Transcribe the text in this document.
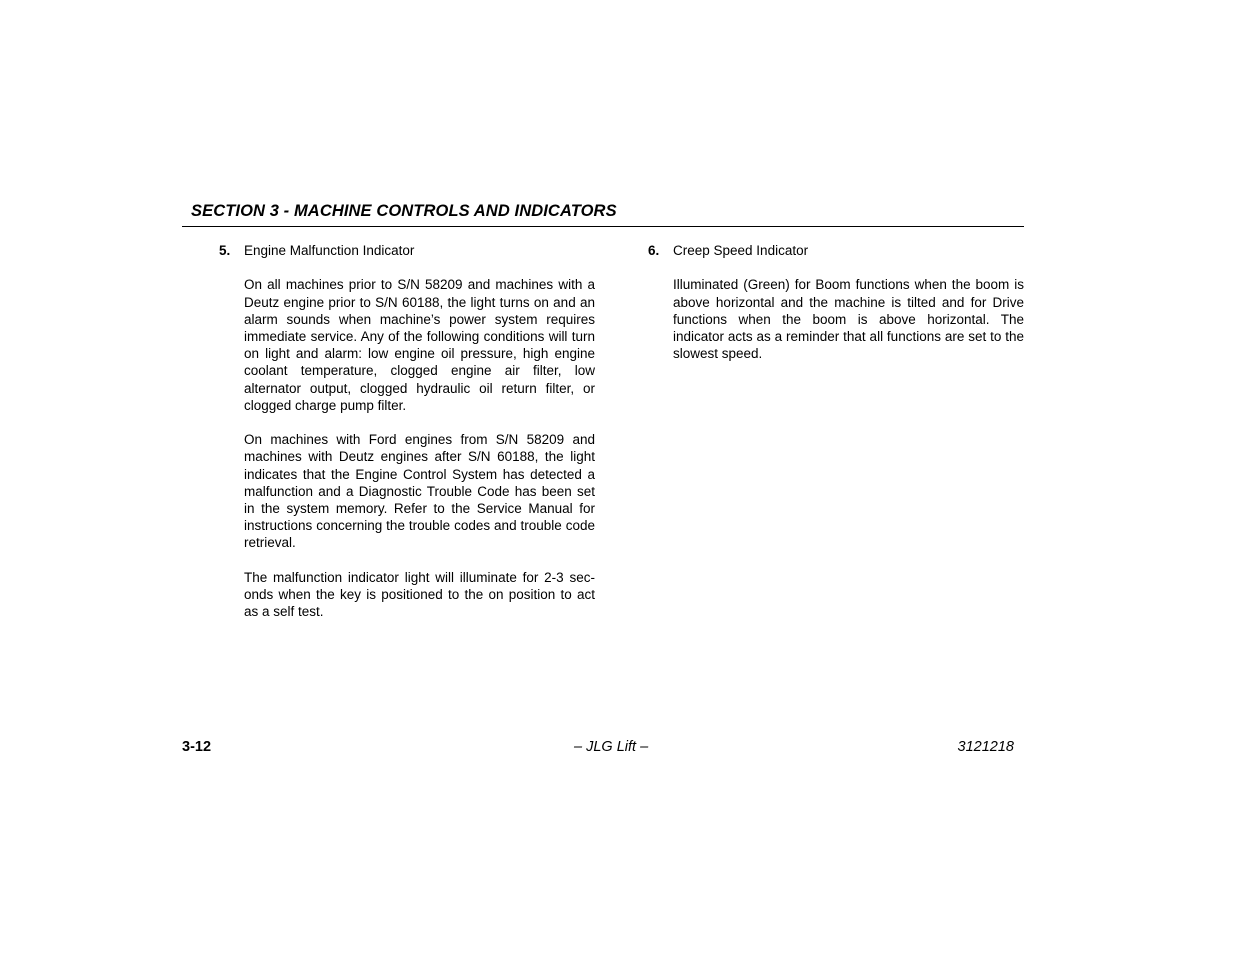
SECTION 3 - MACHINE CONTROLS AND INDICATORS
5. Engine Malfunction Indicator

On all machines prior to S/N 58209 and machines with a Deutz engine prior to S/N 60188, the light turns on and an alarm sounds when machine’s power system requires immediate service. Any of the following conditions will turn on light and alarm: low engine oil pressure, high engine coolant temperature, clogged engine air filter, low alternator output, clogged hydraulic oil return filter, or clogged charge pump filter.

On machines with Ford engines from S/N 58209 and machines with Deutz engines after S/N 60188, the light indicates that the Engine Control System has detected a malfunction and a Diagnostic Trouble Code has been set in the system memory. Refer to the Service Manual for instructions concerning the trouble codes and trouble code retrieval.

The malfunction indicator light will illuminate for 2-3 seconds when the key is positioned to the on position to act as a self test.

6. Creep Speed Indicator

Illuminated (Green) for Boom functions when the boom is above horizontal and the machine is tilted and for Drive functions when the boom is above horizontal. The indicator acts as a reminder that all functions are set to the slowest speed.

3-12	– JLG Lift –	3121218
